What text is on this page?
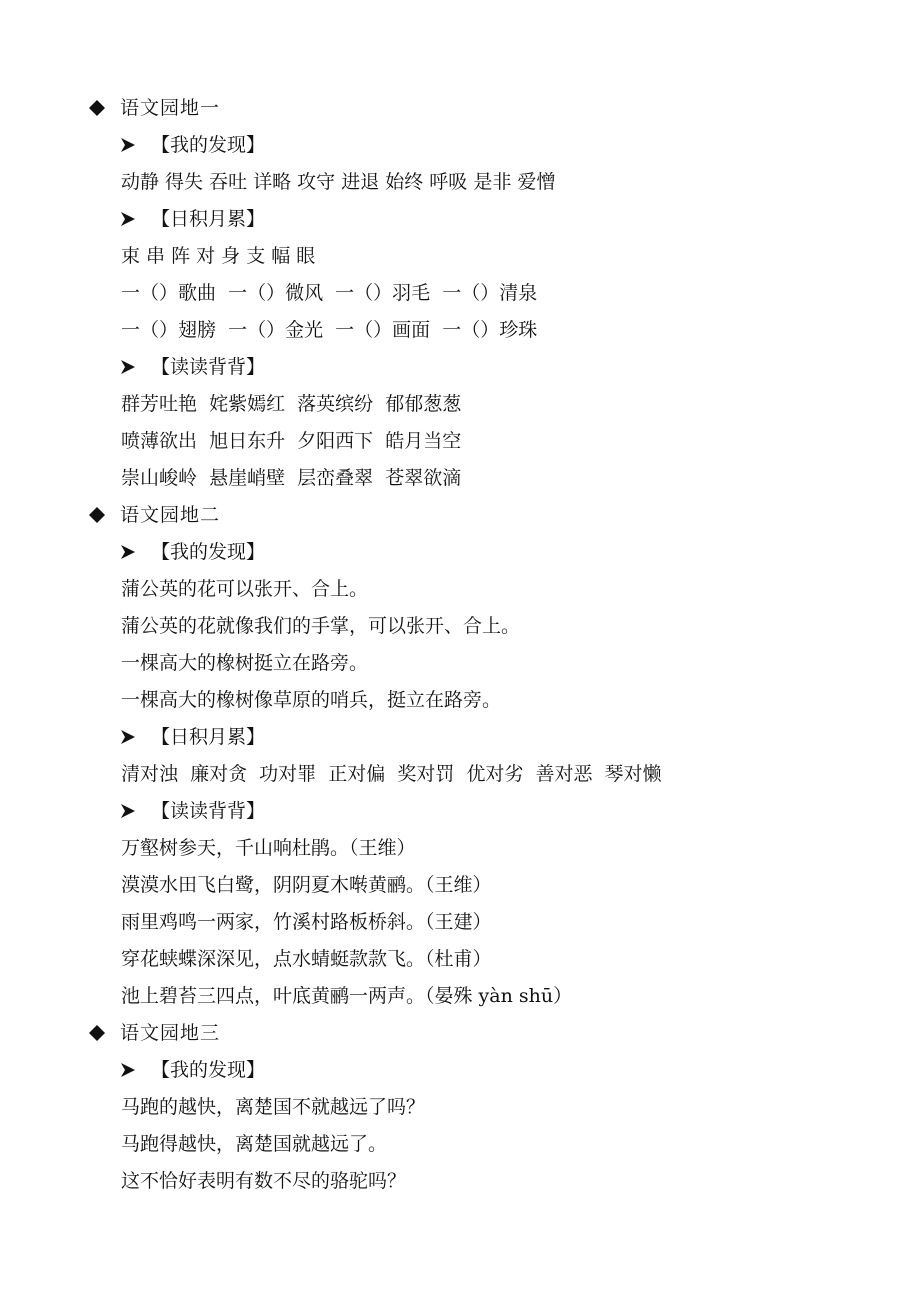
语文园地一
【我的发现】
动静 得失 吞吐 详略 攻守 进退 始终 呼吸 是非 爱憎
【日积月累】
束 串 阵 对 身 支 幅 眼
一（）歌曲  一（）微风  一（）羽毛  一（）清泉
一（）翅膀  一（）金光  一（）画面  一（）珍珠
【读读背背】
群芳吐艳  姹紫嫣红  落英缤纷  郁郁葱葱
喷薄欲出  旭日东升  夕阳西下  皓月当空
崇山峻岭  悬崖峭壁  层峦叠翠  苍翠欲滴
语文园地二
【我的发现】
蒲公英的花可以张开、合上。
蒲公英的花就像我们的手掌，可以张开、合上。
一棵高大的橡树挺立在路旁。
一棵高大的橡树像草原的哨兵，挺立在路旁。
【日积月累】
清对浊  廉对贪  功对罪  正对偏  奖对罚  优对劣  善对恶  琴对懒
【读读背背】
万壑树参天，千山响杜鹃。（王维）
漠漠水田飞白鹭，阴阴夏木啭黄鹂。（王维）
雨里鸡鸣一两家，竹溪村路板桥斜。（王建）
穿花蛱蝶深深见，点水蜻蜓款款飞。（杜甫）
池上碧苔三四点，叶底黄鹂一两声。（晏殊 yàn shū）
语文园地三
【我的发现】
马跑的越快，离楚国不就越远了吗？
马跑得越快，离楚国就越远了。
这不恰好表明有数不尽的骆驼吗？
